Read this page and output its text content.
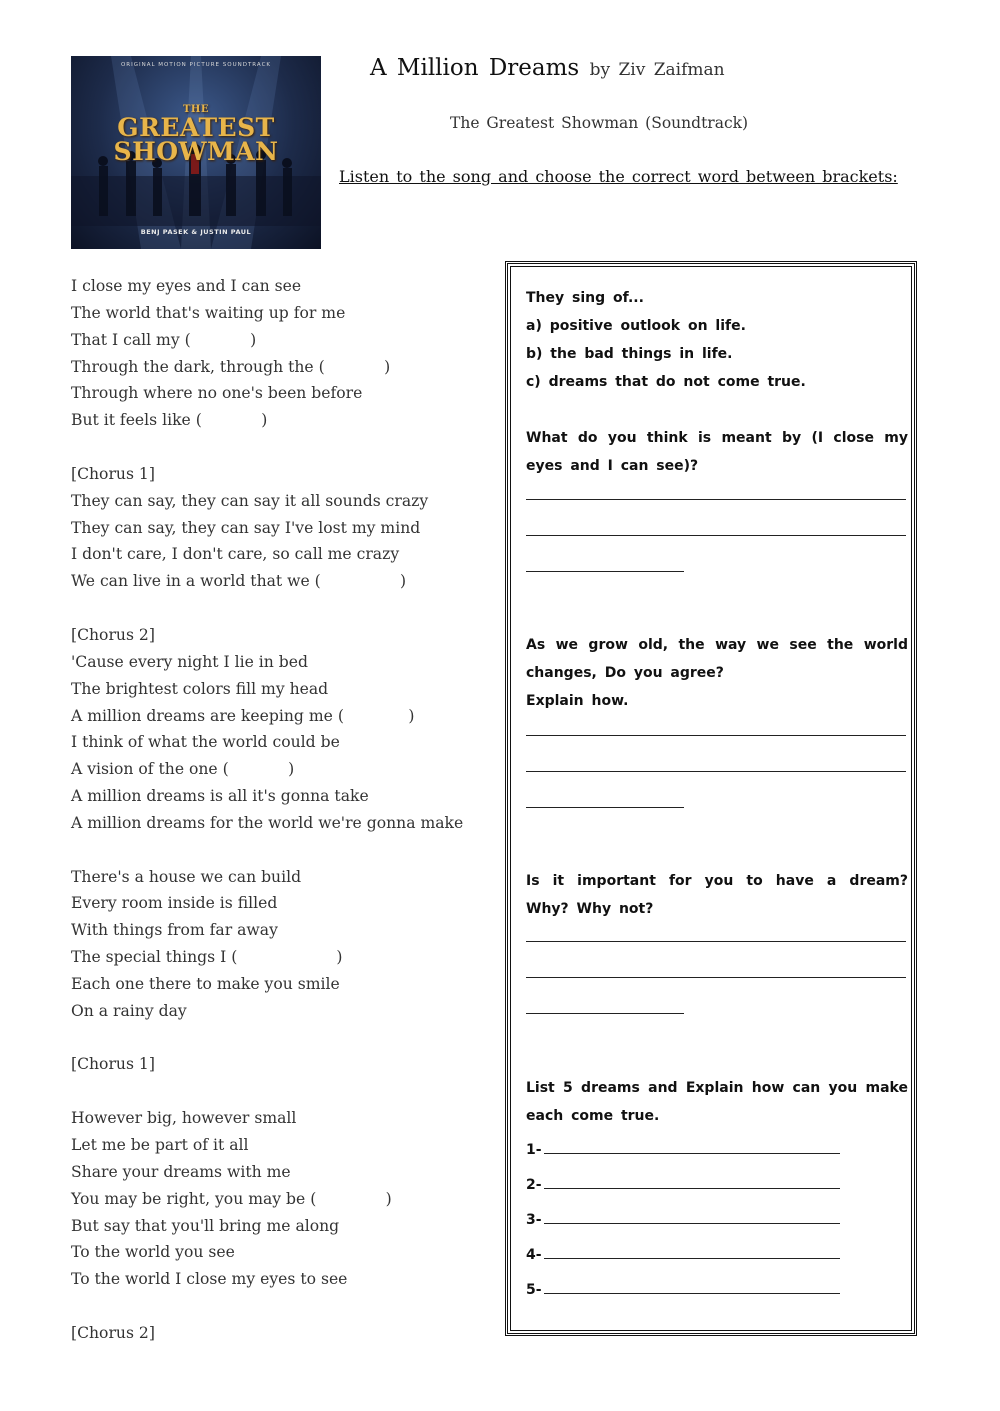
ORIGINAL MOTION PICTURE SOUNDTRACK
THE
GREATEST
SHOWMAN
BENJ PASEK & JUSTIN PAUL
A Million Dreams by Ziv Zaifman
The Greatest Showman (Soundtrack)
Listen to the song and choose the correct word between brackets:
I close my eyes and I can see
The world that's waiting up for me
That I call my (            )
Through the dark, through the (            )
Through where no one's been before
But it feels like (            )
[Chorus 1]
They can say, they can say it all sounds crazy
They can say, they can say I've lost my mind
I don't care, I don't care, so call me crazy
We can live in a world that we (                )
[Chorus 2]
'Cause every night I lie in bed
The brightest colors fill my head
A million dreams are keeping me (             )
I think of what the world could be
A vision of the one (            )
A million dreams is all it's gonna take
A million dreams for the world we're gonna make
There's a house we can build
Every room inside is filled
With things from far away
The special things I (                    )
Each one there to make you smile
On a rainy day
[Chorus 1]
However big, however small
Let me be part of it all
Share your dreams with me
You may be right, you may be (              )
But say that you'll bring me along
To the world you see
To the world I close my eyes to see
[Chorus 2]
They sing of...
a) positive outlook on life.
b) the bad things in life.
c) dreams that do not come true.
What do you think is meant by (I close my eyes and I can see)?
As we grow old, the way we see the world changes, Do you agree?
Explain how.
Is it important for you to have a dream? Why? Why not?
List 5 dreams and Explain how can you make each come true.
1-
2-
3-
4-
5-
